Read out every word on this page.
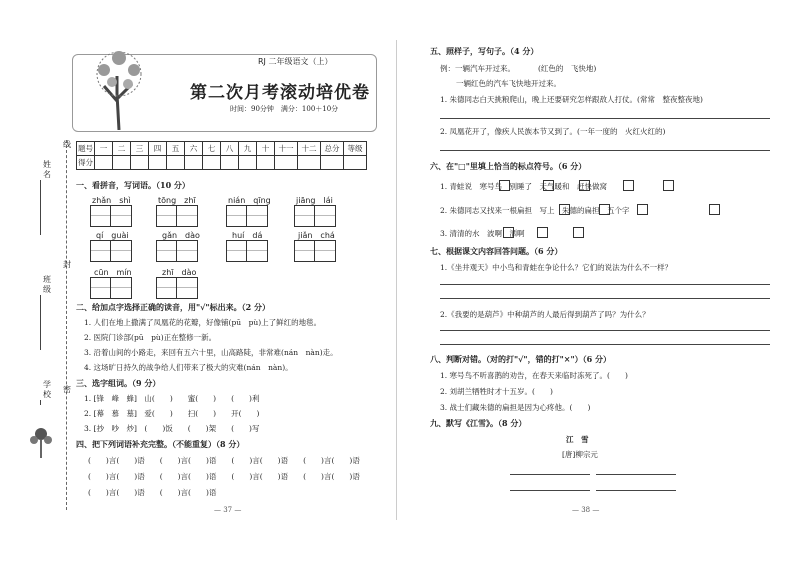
线
封
密
姓名
班级
学校
RJ 二年级语文（上）
第二次月考滚动培优卷
时间：90分钟　满分：100＋10分
题号	一	二	三	四	五	六	七	八	九	十	十一	十二	总分	等级
得分														
一、看拼音，写词语。（10 分）
zhǎn　shì	tōng　zhī	nián　qīng	jiāng　lái
qí　guài	gǎn　dào	huí　dá	jiǎn　chá
cūn　mín	zhī　dào
二、给加点字选择正确的读音，用"√"标出来。（2 分）
1. 人们在地上撒满了凤凰花的花瓣，好像铺(pū　pù)上了鲜红的地毯。
2. 医院门诊部(pū　pù)正在整修一新。
3. 沿着山间的小路走，来回有五六十里，山高路陡，非常难(nán　nàn)走。
4. 这场旷日持久的战争给人们带来了极大的灾难(nán　nàn)。
三、选字组词。（9 分）
1. [锋　峰　蜂]　山(　　)　　蜜(　　)　　(　　)利
2. [幕　慕　墓]　爱(　　)　　扫(　　)　　开(　　)
3. [抄　吵　炒]　(　　)饭　　(　　)架　　(　　)写
四、把下列词语补充完整。（不能重复）（8 分）
(　　)言(　　)语　　(　　)言(　　)语　　(　　)言(　　)语　　(　　)言(　　)语
(　　)言(　　)语　　(　　)言(　　)语　　(　　)言(　　)语　　(　　)言(　　)语
(　　)言(　　)语　　(　　)言(　　)语
— 37 —
五、照样子，写句子。（4 分）
例：一辆汽车开过来。	(红色的　飞快地)
一辆红色的汽车飞快地开过来。
1. 朱德同志白天挑粮爬山，晚上还要研究怎样跟敌人打仗。(常常　整夜整夜地)
2. 凤凰花开了，像疾人民族本节又到了。(一年一度的　火红火红的)
六、在"□"里填上恰当的标点符号。（6 分）
1. 青蛙说　寒号鸟　别睡了　天气暖和　赶快做窝
2. 朱德同志又找来一根扁担　写上　朱德的扁担　五个字
3. 清清的水　波啊　洒啊
七、根据课文内容回答问题。（6 分）
1.《坐井观天》中小鸟和青蛙在争论什么？它们的说法为什么不一样？
2.《我要的是葫芦》中种葫芦的人最后得到葫芦了吗？为什么？
八、判断对错。（对的打"√"，错的打"×"）（6 分）
1. 寒号鸟不听喜鹊的劝告，在春天来临时冻死了。(　　)
2. 刘胡兰牺牲时才十五岁。(　　)
3. 战士们藏朱德的扁担是因为心疼他。(　　)
九、默写《江雪》。（8 分）
江　雪
[唐]柳宗元
— 38 —
